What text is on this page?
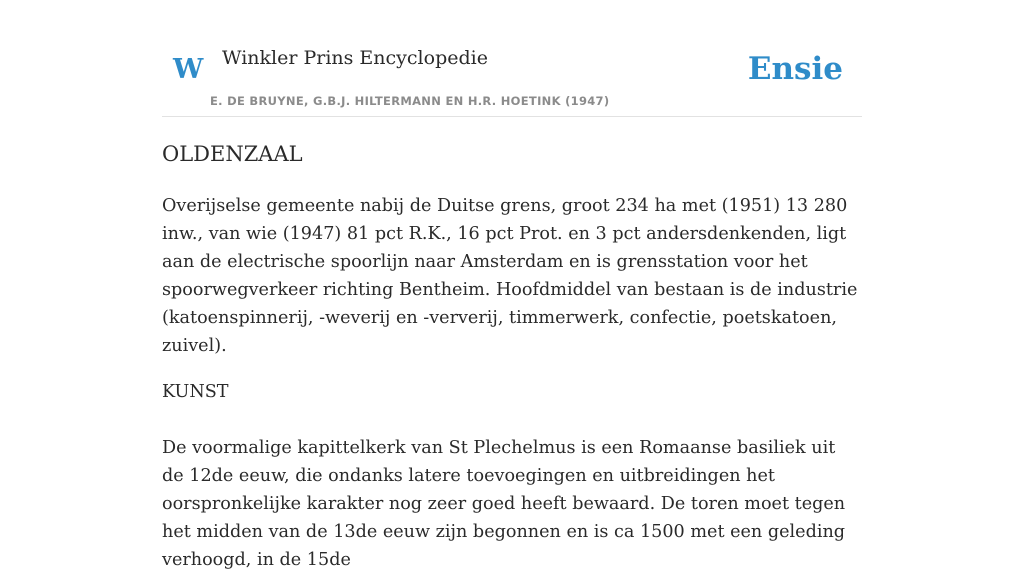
W Winkler Prins Encyclopedie
E. DE BRUYNE, G.B.J. HILTERMANN EN H.R. HOETINK (1947)
Ensie
OLDENZAAL

Overijselse gemeente nabij de Duitse grens, groot 234 ha met (1951) 13 280 inw., van wie (1947) 81 pct R.K., 16 pct Prot. en 3 pct andersdenkenden, ligt aan de electrische spoorlijn naar Amsterdam en is grensstation voor het spoorwegverkeer richting Bentheim. Hoofdmiddel van bestaan is de industrie (katoenspinnerij, -weverij en -ververij, timmerwerk, confectie, poetskatoen, zuivel).

KUNST

De voormalige kapittelkerk van St Plechelmus is een Romaanse basiliek uit de 12de eeuw, die ondanks latere toevoegingen en uitbreidingen het oorspronkelijke karakter nog zeer goed heeft bewaard. De toren moet tegen het midden van de 13de eeuw zijn begonnen en is ca 1500 met een geleding verhoogd, in de 15de
